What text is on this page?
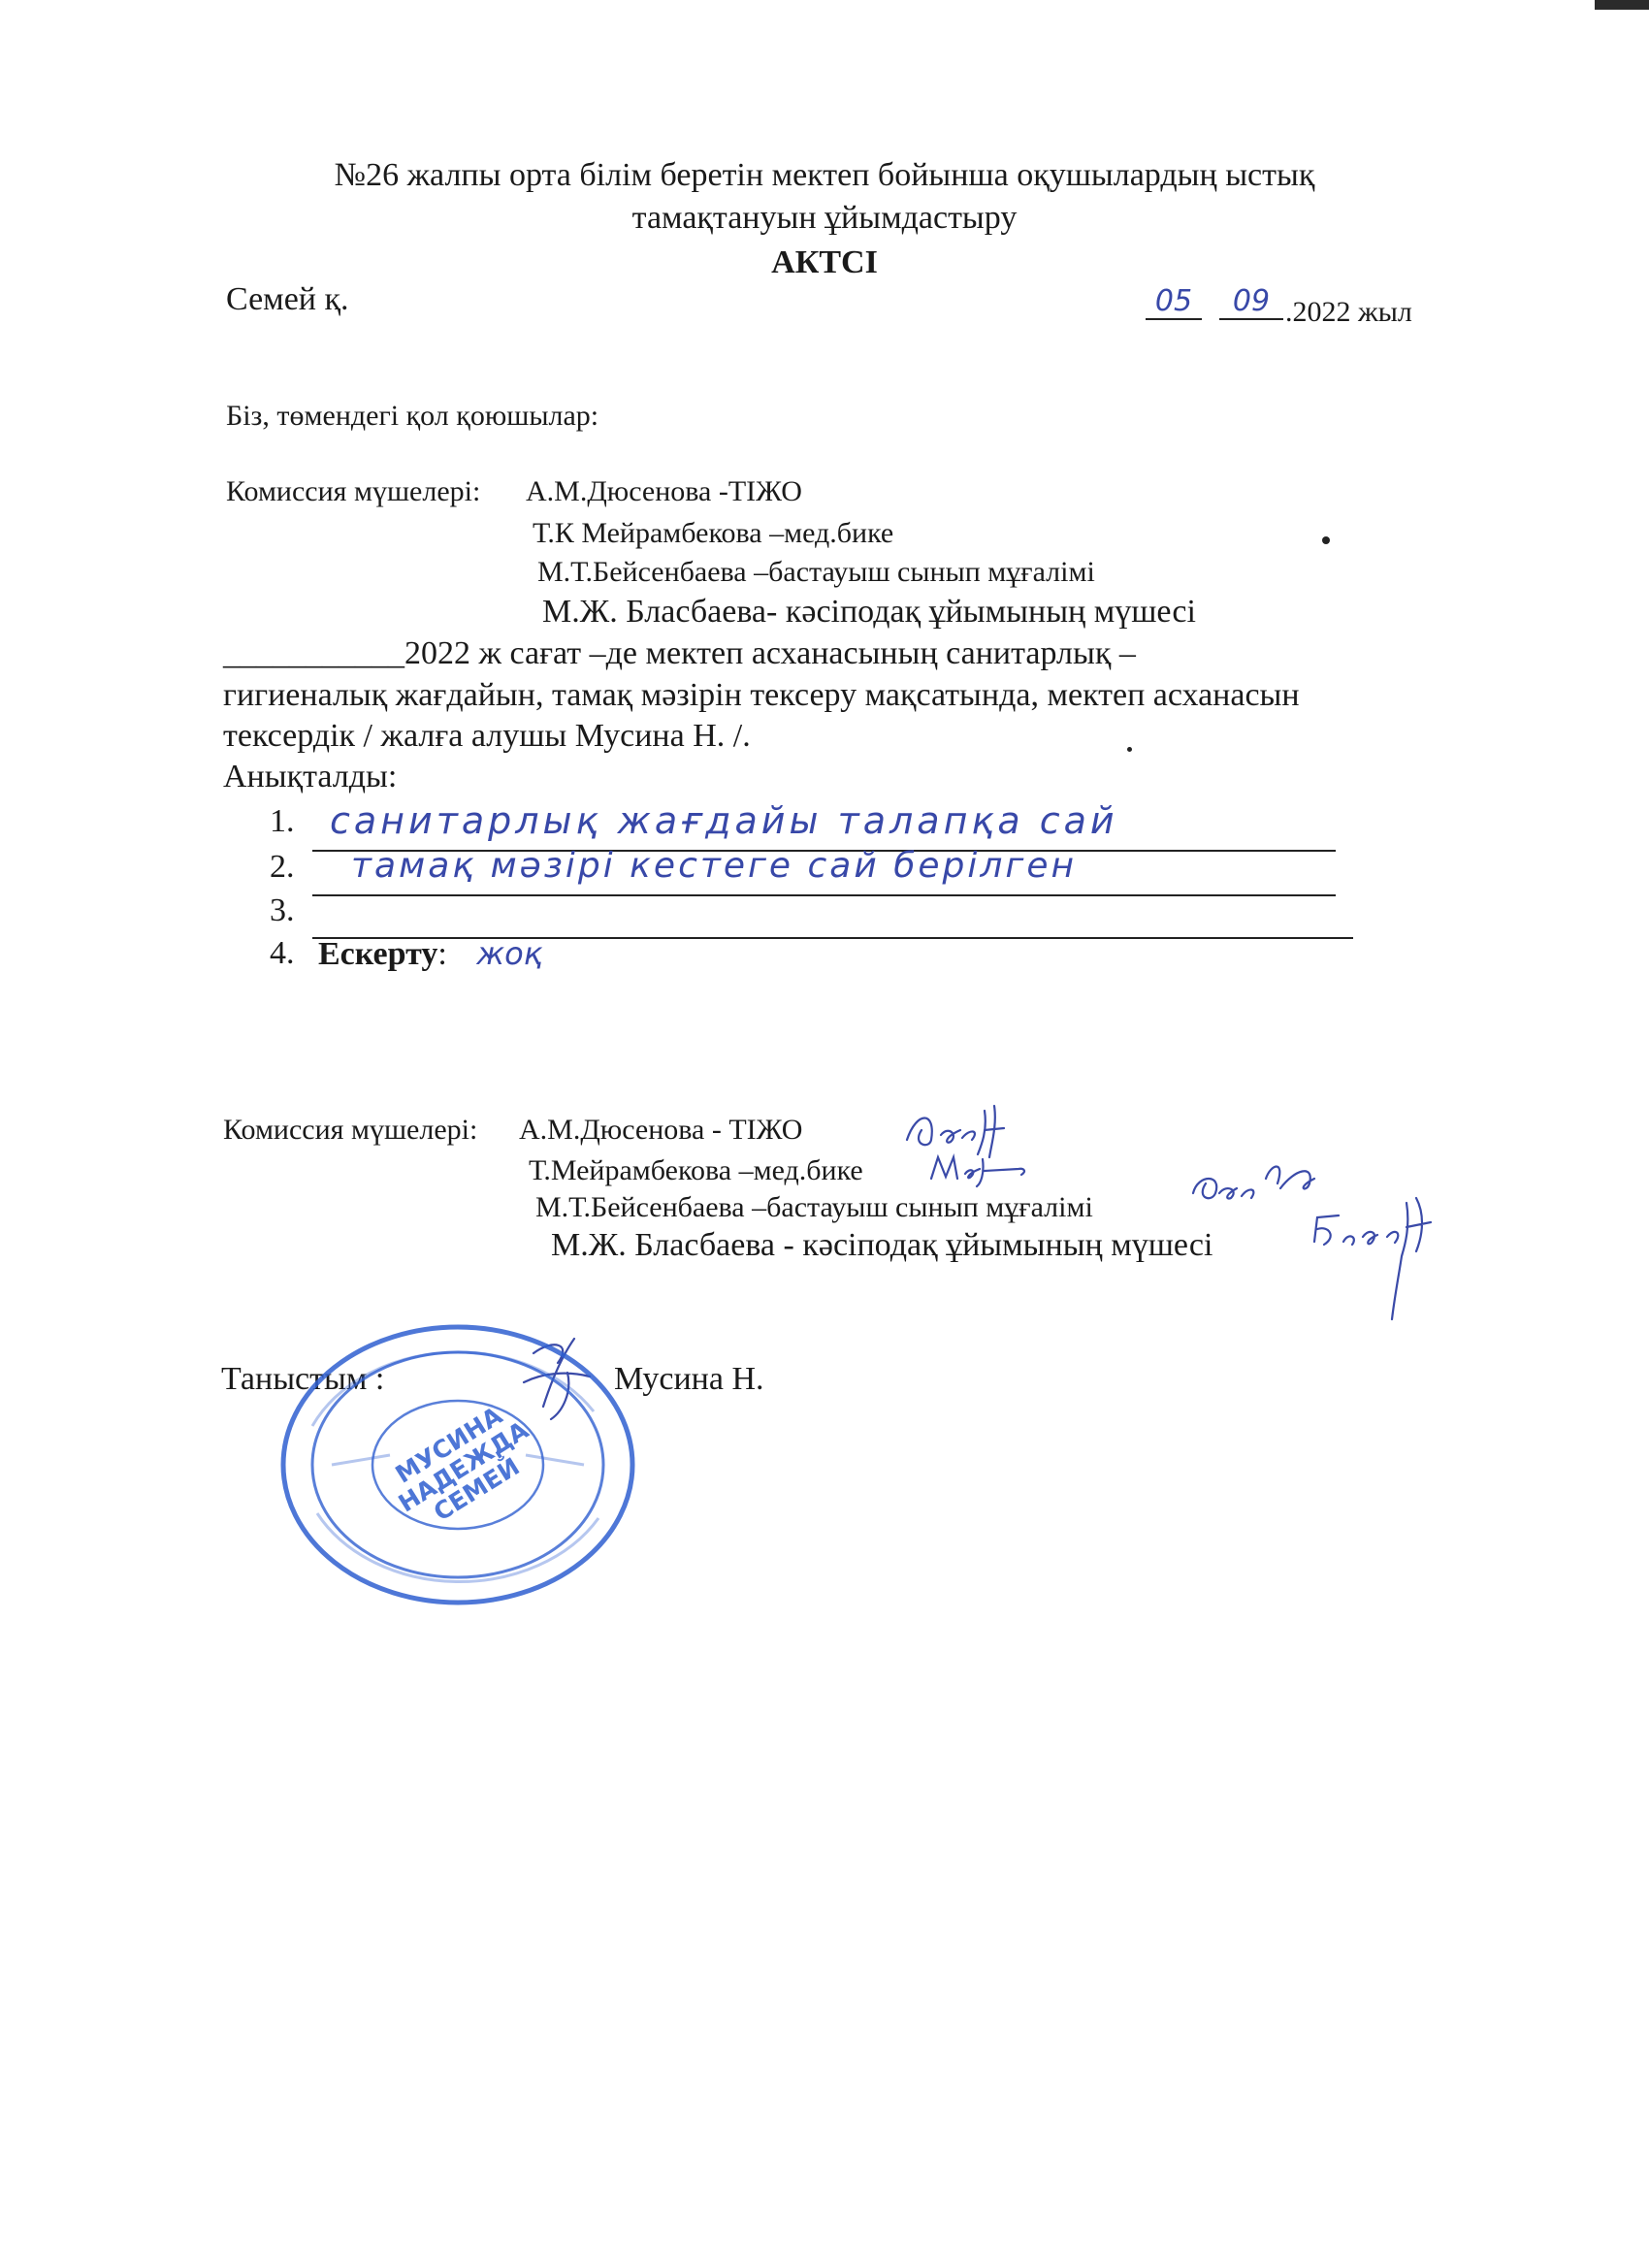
№26 жалпы орта білім беретін мектеп бойынша оқушылардың ыстық
тамақтануын ұйымдастыру
АКТСІ
Семей қ.	05	09 .2022 жыл
Біз, төмендегі қол қоюшылар:
Комиссия мүшелері: А.М.Дюсенова -ТІЖО
Т.К Мейрамбекова –мед.бике
М.Т.Бейсенбаева –бастауыш сынып мұғалімі
М.Ж. Бласбаева- кәсіподақ ұйымының мүшесі
___________2022 ж сағат –де мектеп асханасының санитарлық –
гигиеналық жағдайын, тамақ мәзірін тексеру мақсатында, мектеп асханасын
тексердік / жалға алушы Мусина Н. /.
Анықталды:
1. санитарлық жағдайы талапқа сай
2. тамақ мәзірі кестеге сай берілген
3.
4. Ескерту: жоқ
Комиссия мүшелері: А.М.Дюсенова - ТІЖО
Т.Мейрамбекова –мед.бике
М.Т.Бейсенбаева –бастауыш сынып мұғалімі
М.Ж. Бласбаева - кәсіподақ ұйымының мүшесі
Таныстым :	Мусина Н.
МУСИНА НАДЕЖДА СЕМЕЙ
